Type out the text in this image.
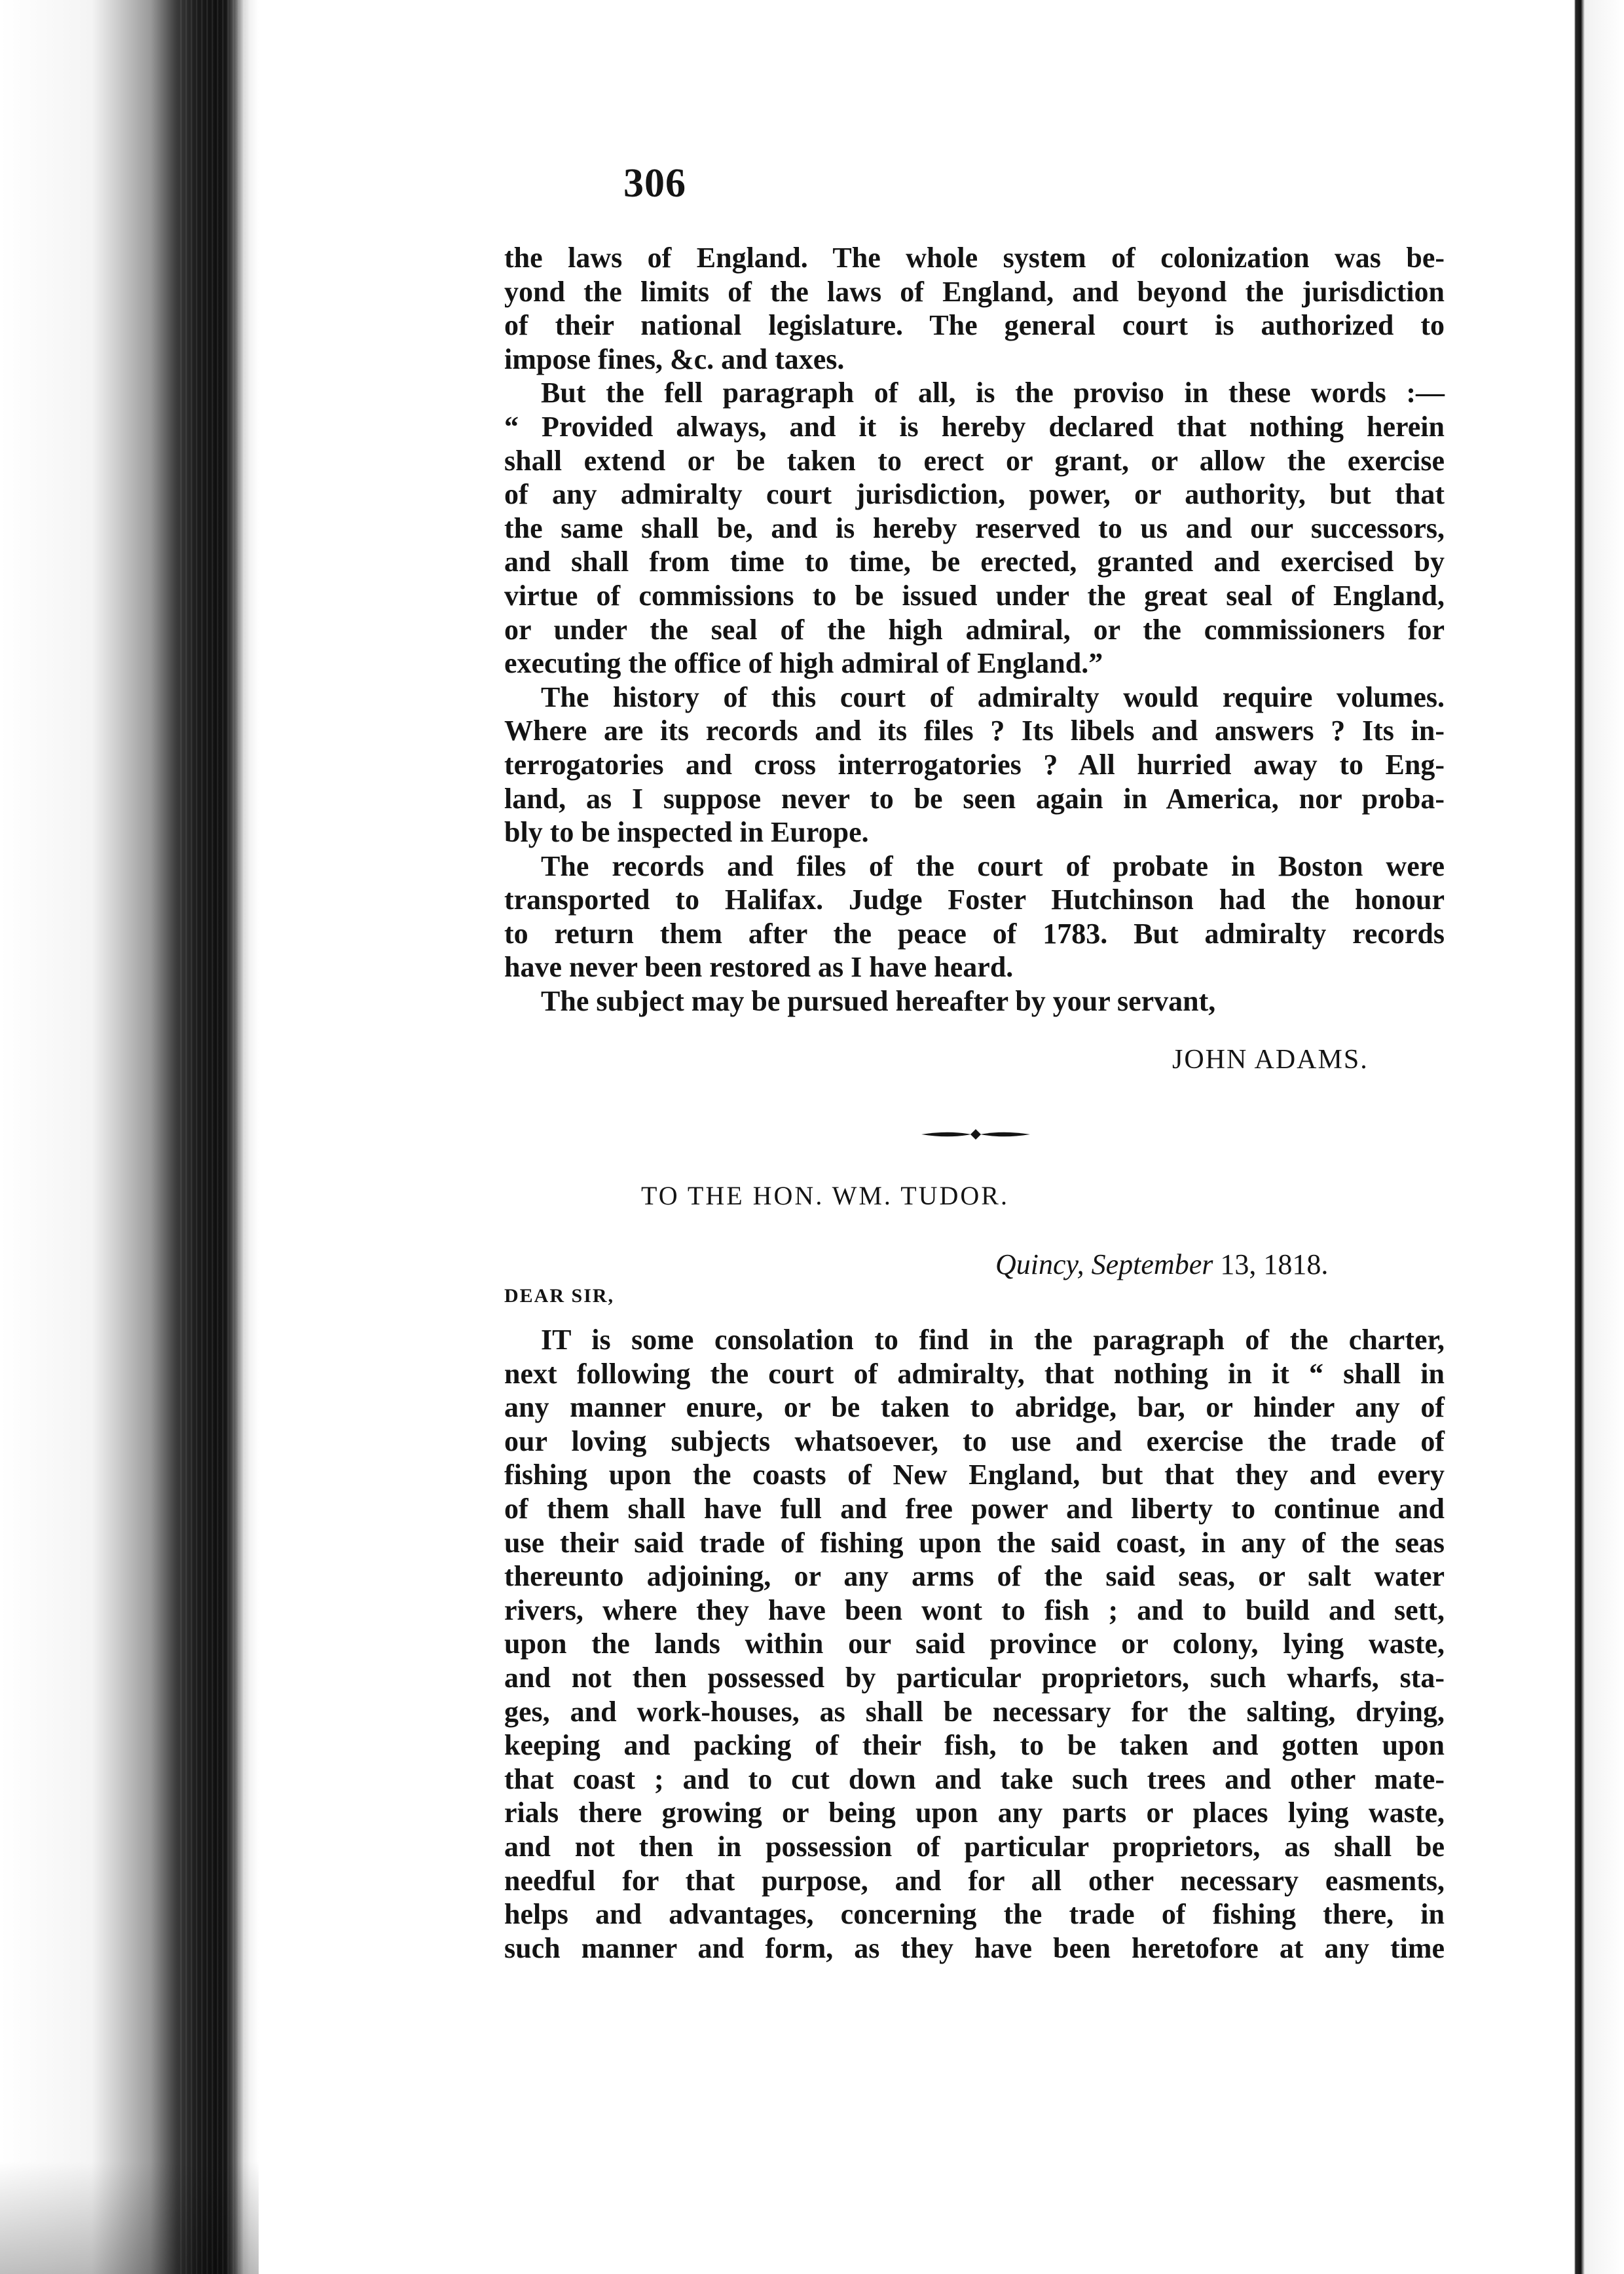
306
the laws of England. The whole system of colonization was be-
yond the limits of the laws of England, and beyond the jurisdiction
of their national legislature. The general court is authorized to
impose fines, &c. and taxes.
But the fell paragraph of all, is the proviso in these words :—
“ Provided always, and it is hereby declared that nothing herein
shall extend or be taken to erect or grant, or allow the exercise
of any admiralty court jurisdiction, power, or authority, but that
the same shall be, and is hereby reserved to us and our successors,
and shall from time to time, be erected, granted and exercised by
virtue of commissions to be issued under the great seal of England,
or under the seal of the high admiral, or the commissioners for
executing the office of high admiral of England.”
The history of this court of admiralty would require volumes.
Where are its records and its files ? Its libels and answers ? Its in-
terrogatories and cross interrogatories ? All hurried away to Eng-
land, as I suppose never to be seen again in America, nor proba-
bly to be inspected in Europe.
The records and files of the court of probate in Boston were
transported to Halifax. Judge Foster Hutchinson had the honour
to return them after the peace of 1783. But admiralty records
have never been restored as I have heard.
The subject may be pursued hereafter by your servant,
JOHN ADAMS.
TO THE HON. WM. TUDOR.
Quincy, September 13, 1818.
DEAR SIR,
IT is some consolation to find in the paragraph of the charter,
next following the court of admiralty, that nothing in it “ shall in
any manner enure, or be taken to abridge, bar, or hinder any of
our loving subjects whatsoever, to use and exercise the trade of
fishing upon the coasts of New England, but that they and every
of them shall have full and free power and liberty to continue and
use their said trade of fishing upon the said coast, in any of the seas
thereunto adjoining, or any arms of the said seas, or salt water
rivers, where they have been wont to fish ; and to build and sett,
upon the lands within our said province or colony, lying waste,
and not then possessed by particular proprietors, such wharfs, sta-
ges, and work-houses, as shall be necessary for the salting, drying,
keeping and packing of their fish, to be taken and gotten upon
that coast ; and to cut down and take such trees and other mate-
rials there growing or being upon any parts or places lying waste,
and not then in possession of particular proprietors, as shall be
needful for that purpose, and for all other necessary easments,
helps and advantages, concerning the trade of fishing there, in
such manner and form, as they have been heretofore at any time
